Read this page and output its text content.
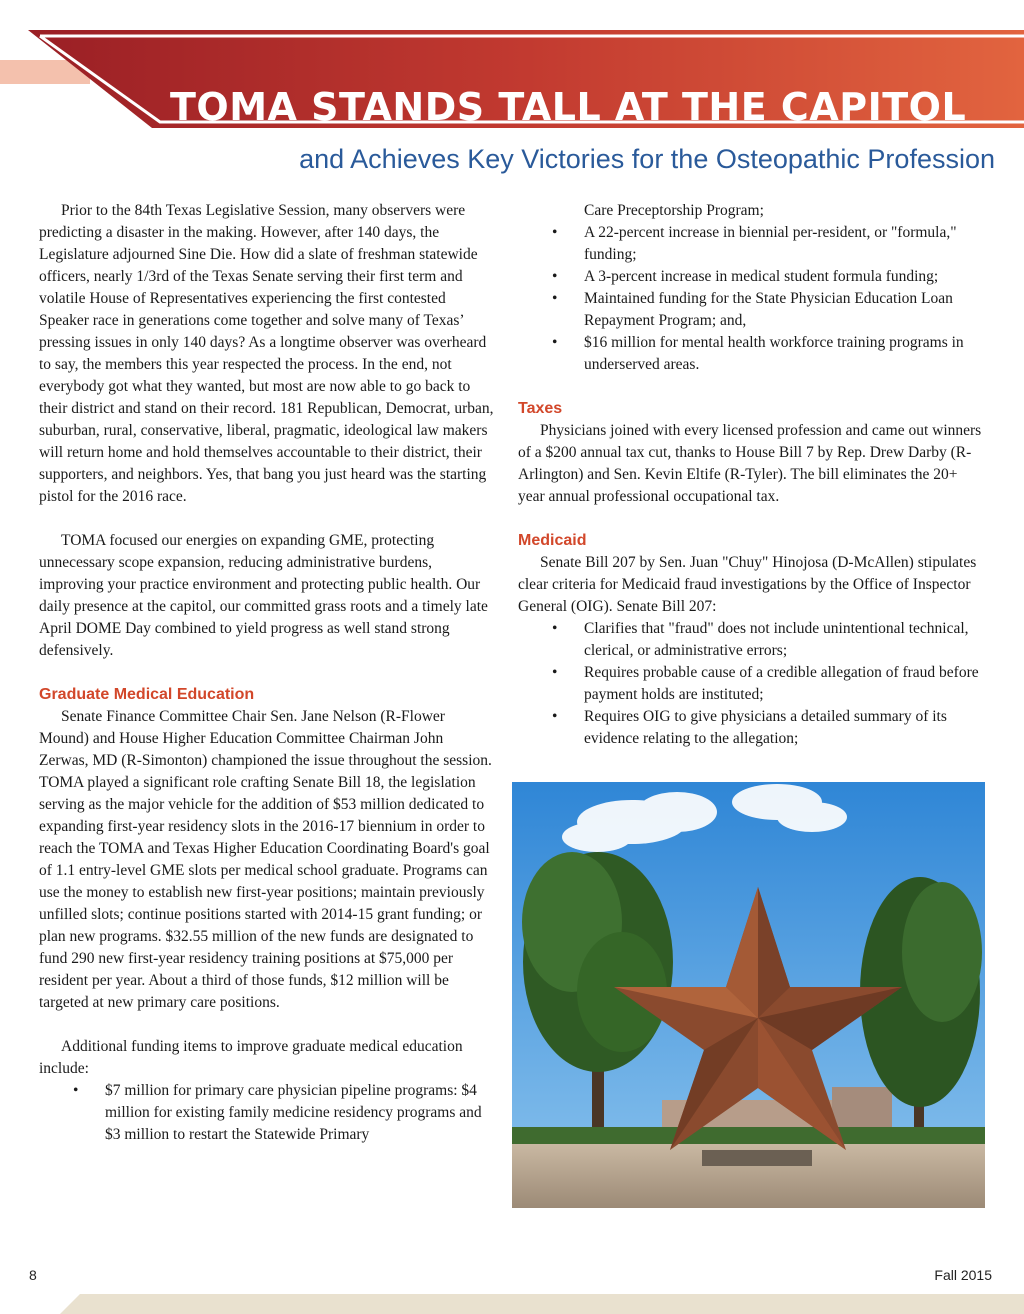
TOMA STANDS TALL AT THE CAPITOL
and Achieves Key Victories for the Osteopathic Profession

Prior to the 84th Texas Legislative Session, many observers were predicting a disaster in the making. However, after 140 days, the Legislature adjourned Sine Die. How did a slate of freshman statewide officers, nearly 1/3rd of the Texas Senate serving their first term and volatile House of Representatives experiencing the first contested Speaker race in generations come together and solve many of Texas’ pressing issues in only 140 days? As a longtime observer was overheard to say, the members this year respected the process. In the end, not everybody got what they wanted, but most are now able to go back to their district and stand on their record. 181 Republican, Democrat, urban, suburban, rural, conservative, liberal, pragmatic, ideological law makers will return home and hold themselves accountable to their district, their supporters, and neighbors. Yes, that bang you just heard was the starting pistol for the 2016 race.

TOMA focused our energies on expanding GME, protecting unnecessary scope expansion, reducing administrative burdens, improving your practice environment and protecting public health. Our daily presence at the capitol, our committed grass roots and a timely late April DOME Day combined to yield progress as well stand strong defensively.

Graduate Medical Education

Senate Finance Committee Chair Sen. Jane Nelson (R-Flower Mound) and House Higher Education Committee Chairman John Zerwas, MD (R-Simonton) championed the issue throughout the session. TOMA played a significant role crafting Senate Bill 18, the legislation serving as the major vehicle for the addition of $53 million dedicated to expanding first-year residency slots in the 2016-17 biennium in order to reach the TOMA and Texas Higher Education Coordinating Board's goal of 1.1 entry-level GME slots per medical school graduate. Programs can use the money to establish new first-year positions; maintain previously unfilled slots; continue positions started with 2014-15 grant funding; or plan new programs. $32.55 million of the new funds are designated to fund 290 new first-year residency training positions at $75,000 per resident per year. About a third of those funds, $12 million will be targeted at new primary care positions.

Additional funding items to improve graduate medical education include:

• $7 million for primary care physician pipeline programs: $4 million for existing family medicine residency programs and $3 million to restart the Statewide Primary
Care Preceptorship Program;
• A 22-percent increase in biennial per-resident, or "formula," funding;
• A 3-percent increase in medical student formula funding;
• Maintained funding for the State Physician Education Loan Repayment Program; and,
• $16 million for mental health workforce training programs in underserved areas.
Taxes

Physicians joined with every licensed profession and came out winners of a $200 annual tax cut, thanks to House Bill 7 by Rep. Drew Darby (R-Arlington) and Sen. Kevin Eltife (R-Tyler). The bill eliminates the 20+ year annual professional occupational tax.

Medicaid

Senate Bill 207 by Sen. Juan "Chuy" Hinojosa (D-McAllen) stipulates clear criteria for Medicaid fraud investigations by the Office of Inspector General (OIG). Senate Bill 207:

• Clarifies that "fraud" does not include unintentional technical, clerical, or administrative errors;
• Requires probable cause of a credible allegation of fraud before payment holds are instituted;
• Requires OIG to give physicians a detailed summary of its evidence relating to the allegation;
8	Fall 2015
